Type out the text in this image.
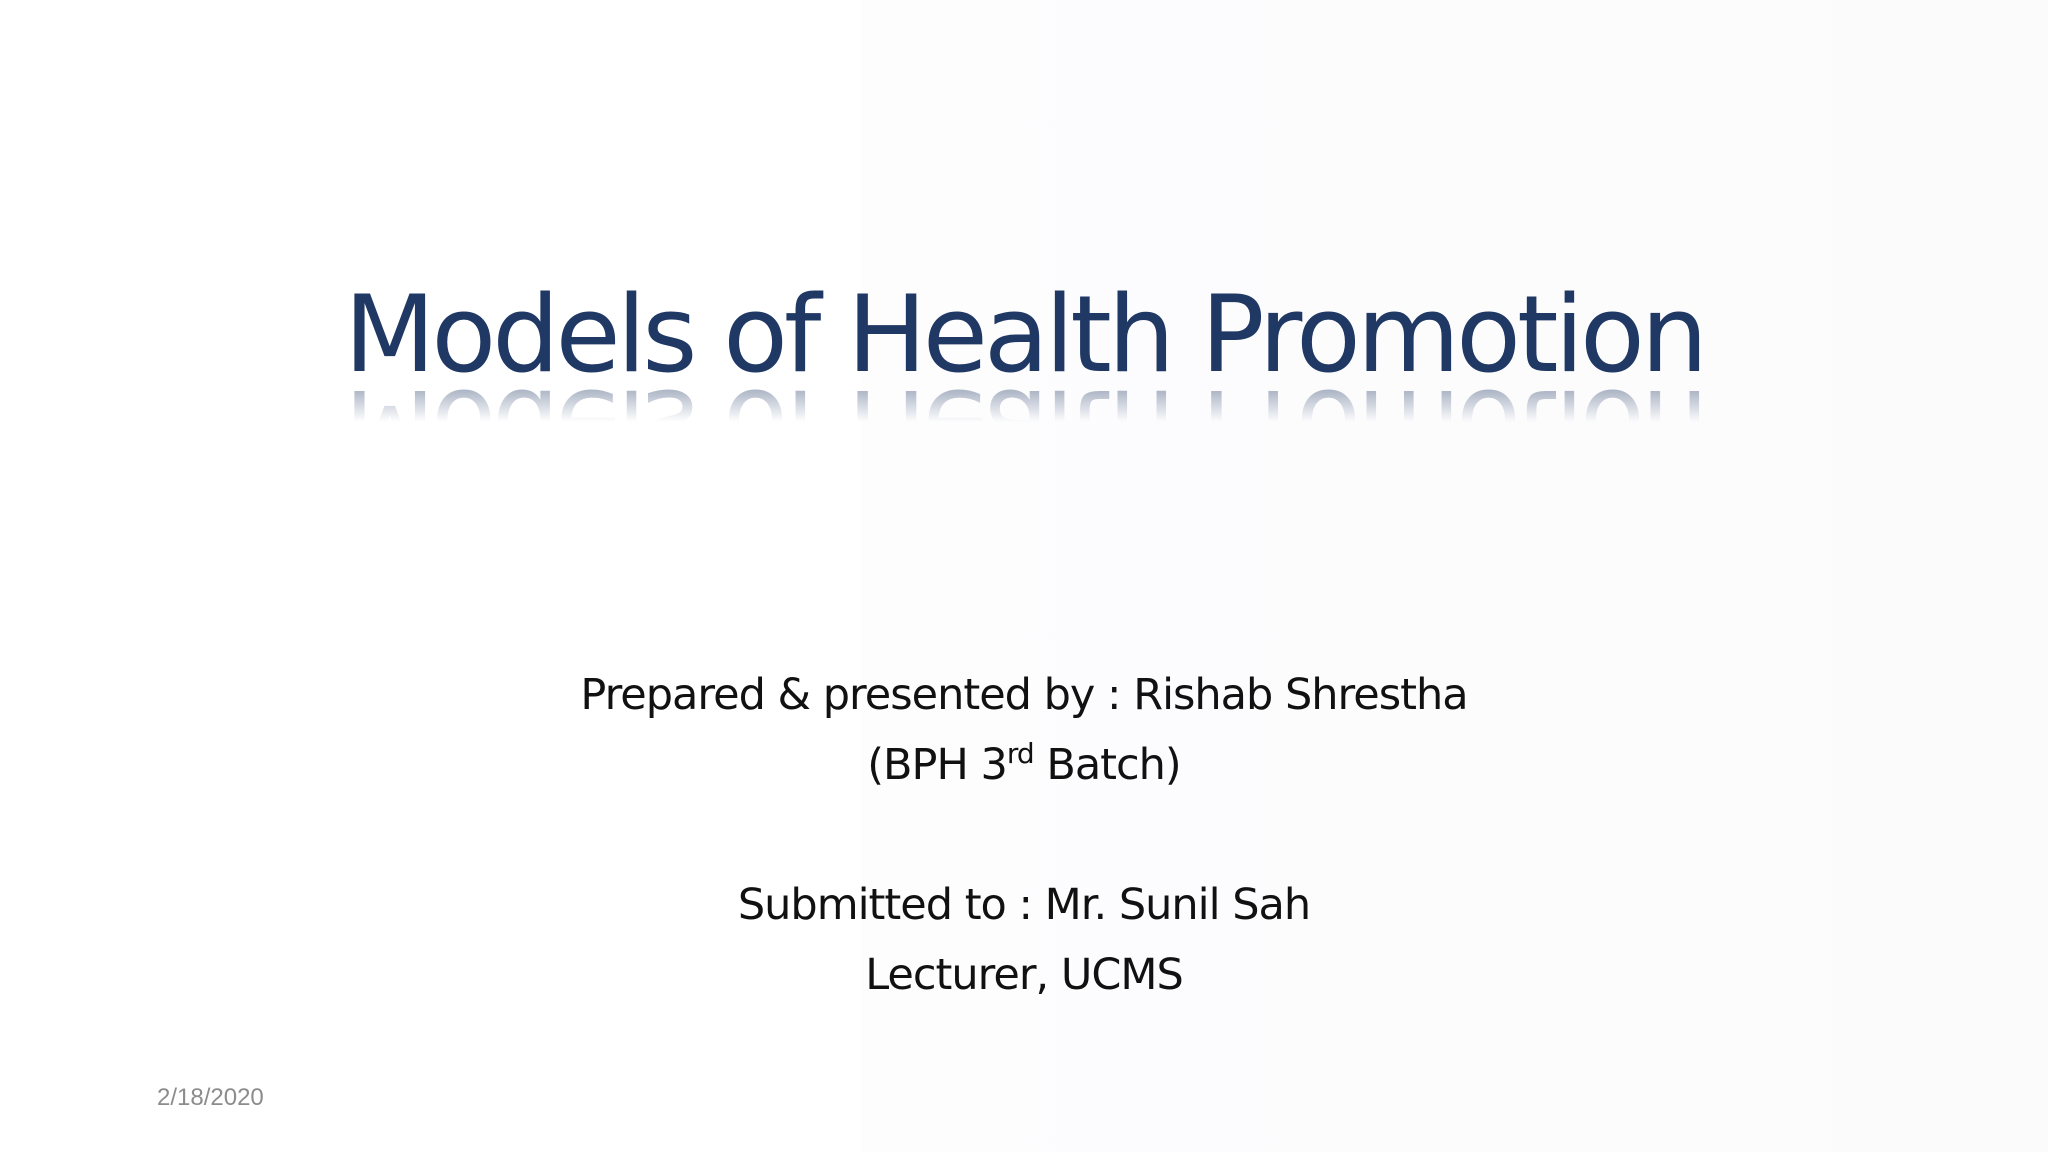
Models of Health Promotion
Prepared & presented by : Rishab Shrestha
(BPH 3rd Batch)
Submitted to : Mr. Sunil Sah
Lecturer, UCMS
2/18/2020
